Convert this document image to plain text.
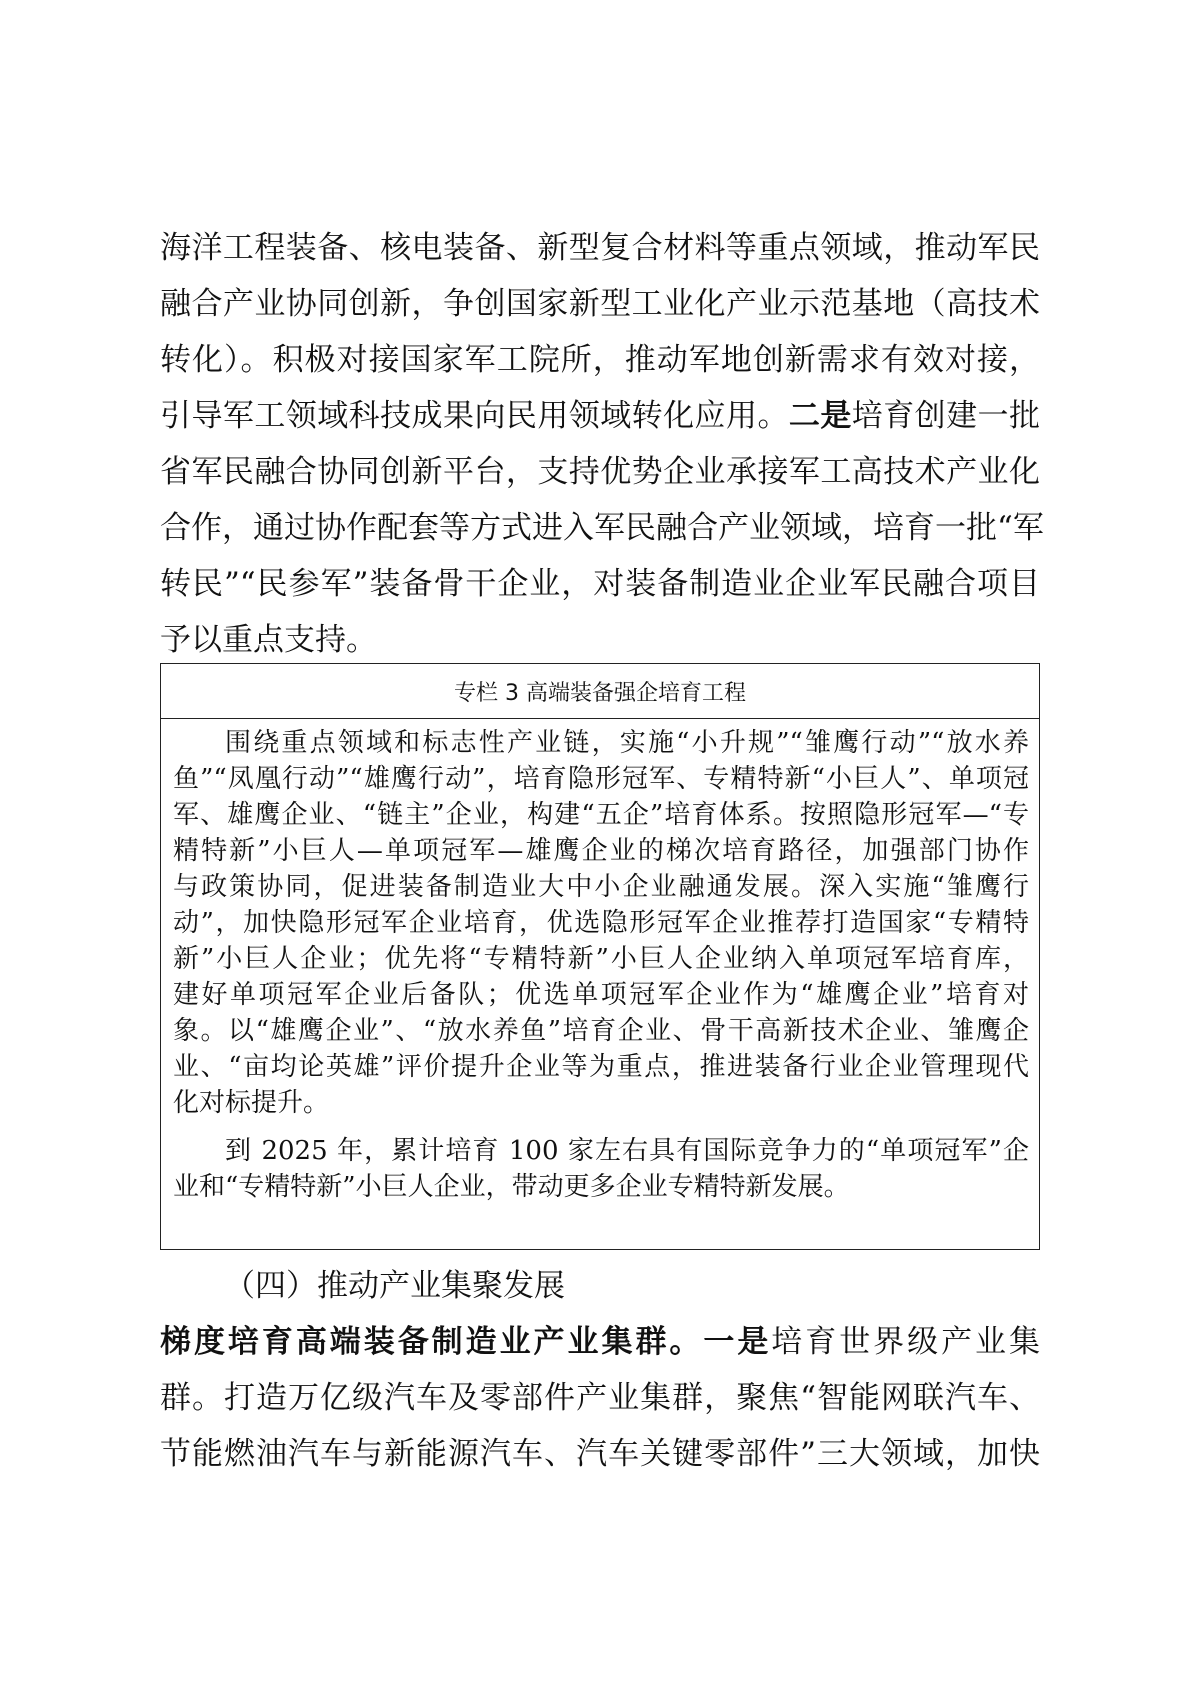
海洋工程装备、核电装备、新型复合材料等重点领域，推动军民
融合产业协同创新，争创国家新型工业化产业示范基地（高技术
转化）。积极对接国家军工院所，推动军地创新需求有效对接，
引导军工领域科技成果向民用领域转化应用。二是培育创建一批
省军民融合协同创新平台，支持优势企业承接军工高技术产业化
合作，通过协作配套等方式进入军民融合产业领域，培育一批“军
转民”“民参军”装备骨干企业，对装备制造业企业军民融合项目
予以重点支持。
专栏 3 高端装备强企培育工程
围绕重点领域和标志性产业链，实施“小升规”“雏鹰行动”“放水养
鱼”“凤凰行动”“雄鹰行动”，培育隐形冠军、专精特新“小巨人”、单项冠
军、雄鹰企业、“链主”企业，构建“五企”培育体系。按照隐形冠军—“专
精特新”小巨人—单项冠军—雄鹰企业的梯次培育路径，加强部门协作
与政策协同，促进装备制造业大中小企业融通发展。深入实施“雏鹰行
动”，加快隐形冠军企业培育，优选隐形冠军企业推荐打造国家“专精特
新”小巨人企业；优先将“专精特新”小巨人企业纳入单项冠军培育库，
建好单项冠军企业后备队；优选单项冠军企业作为“雄鹰企业”培育对
象。以“雄鹰企业”、“放水养鱼”培育企业、骨干高新技术企业、雏鹰企
业、“亩均论英雄”评价提升企业等为重点，推进装备行业企业管理现代
化对标提升。
到 2025 年，累计培育 100 家左右具有国际竞争力的“单项冠军”企
业和“专精特新”小巨人企业，带动更多企业专精特新发展。
（四）推动产业集聚发展
梯度培育高端装备制造业产业集群。一是培育世界级产业集
群。打造万亿级汽车及零部件产业集群，聚焦“智能网联汽车、
节能燃油汽车与新能源汽车、汽车关键零部件”三大领域，加快
